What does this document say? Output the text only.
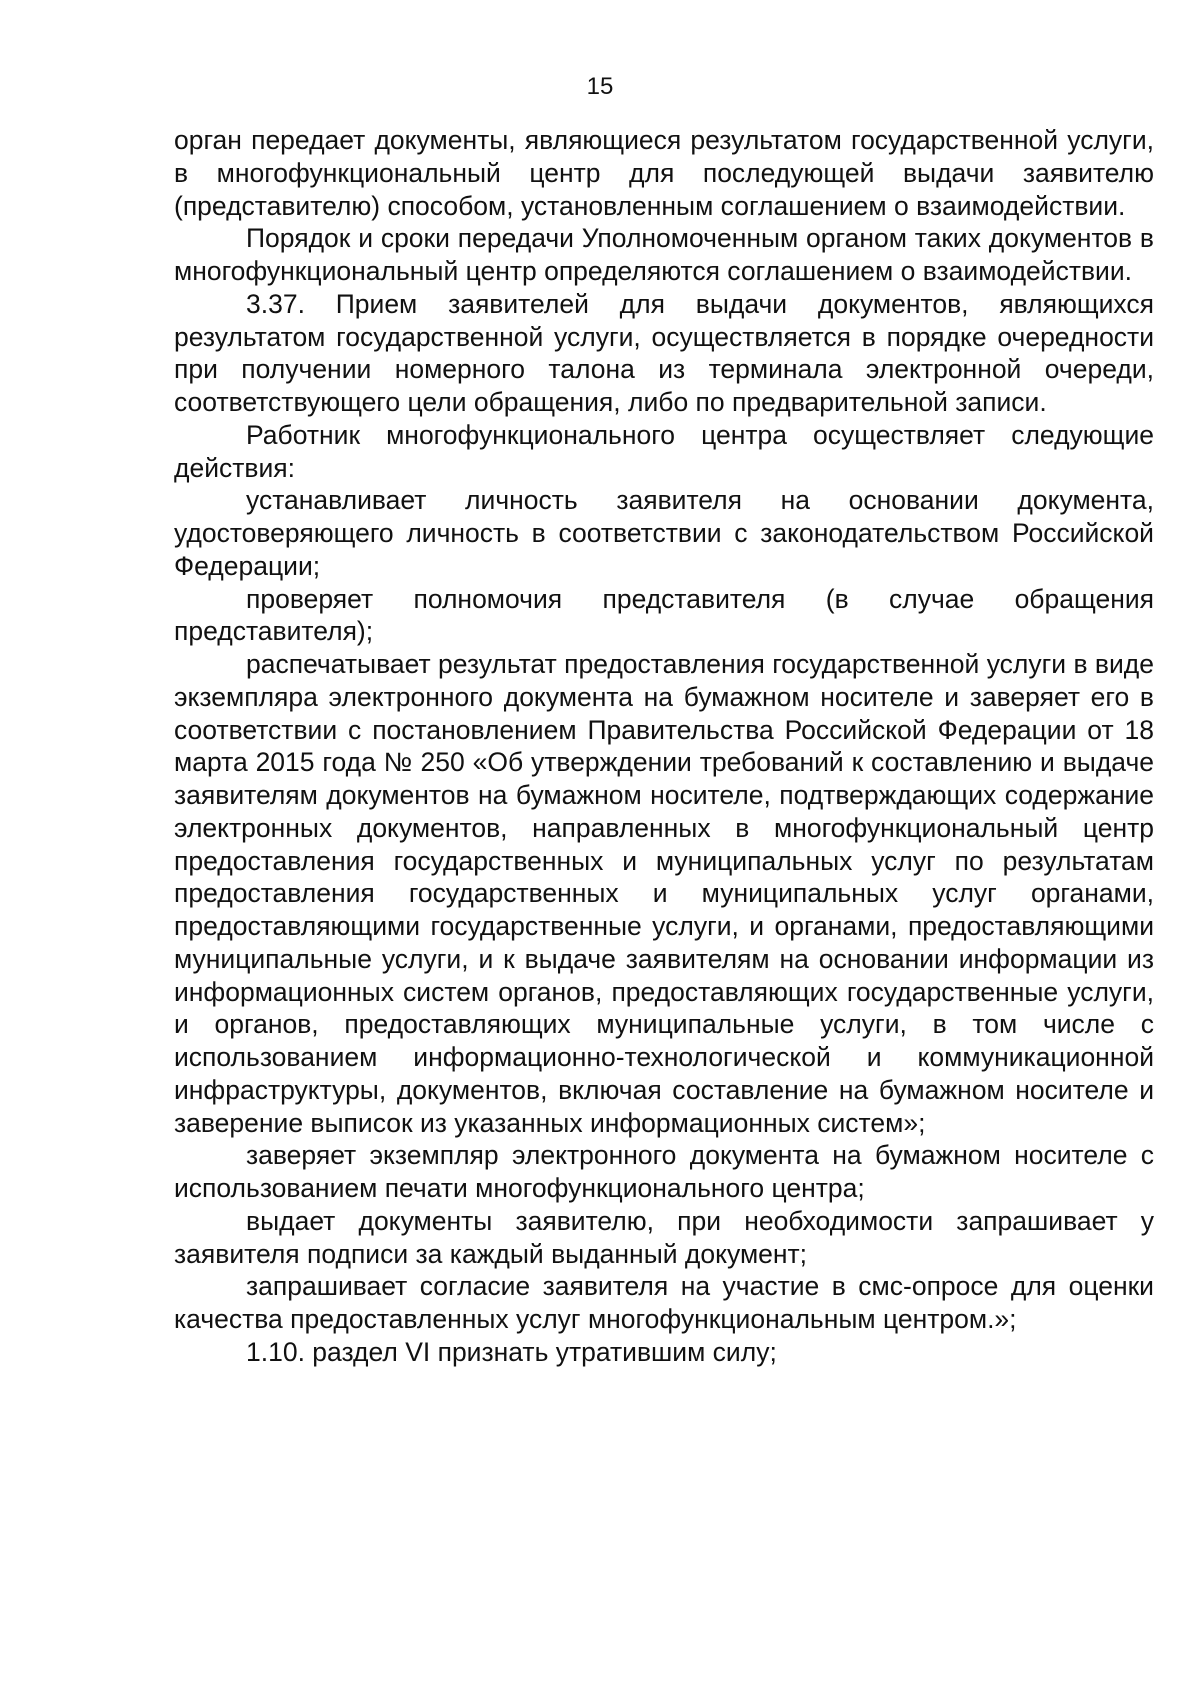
15

орган передает документы, являющиеся результатом государственной услуги, в многофункциональный центр для последующей выдачи заявителю (представителю) способом, установленным соглашением о взаимодействии.

Порядок и сроки передачи Уполномоченным органом таких документов в многофункциональный центр определяются соглашением о взаимодействии.

3.37. Прием заявителей для выдачи документов, являющихся результатом государственной услуги, осуществляется в порядке очередности при получении номерного талона из терминала электронной очереди, соответствующего цели обращения, либо по предварительной записи.

Работник многофункционального центра осуществляет следующие действия:

устанавливает личность заявителя на основании документа, удостоверяющего личность в соответствии с законодательством Российской Федерации;

проверяет полномочия представителя (в случае обращения представителя);

распечатывает результат предоставления государственной услуги в виде экземпляра электронного документа на бумажном носителе и заверяет его в соответствии с постановлением Правительства Российской Федерации от 18 марта 2015 года № 250 «Об утверждении требований к составлению и выдаче заявителям документов на бумажном носителе, подтверждающих содержание электронных документов, направленных в многофункциональный центр предоставления государственных и муниципальных услуг по результатам предоставления государственных и муниципальных услуг органами, предоставляющими государственные услуги, и органами, предоставляющими муниципальные услуги, и к выдаче заявителям на основании информации из информационных систем органов, предоставляющих государственные услуги, и органов, предоставляющих муниципальные услуги, в том числе с использованием информационно-технологической и коммуникационной инфраструктуры, документов, включая составление на бумажном носителе и заверение выписок из указанных информационных систем»;

заверяет экземпляр электронного документа на бумажном носителе с использованием печати многофункционального центра;

выдает документы заявителю, при необходимости запрашивает у заявителя подписи за каждый выданный документ;

запрашивает согласие заявителя на участие в смс-опросе для оценки качества предоставленных услуг многофункциональным центром.»;

1.10. раздел VI признать утратившим силу;
